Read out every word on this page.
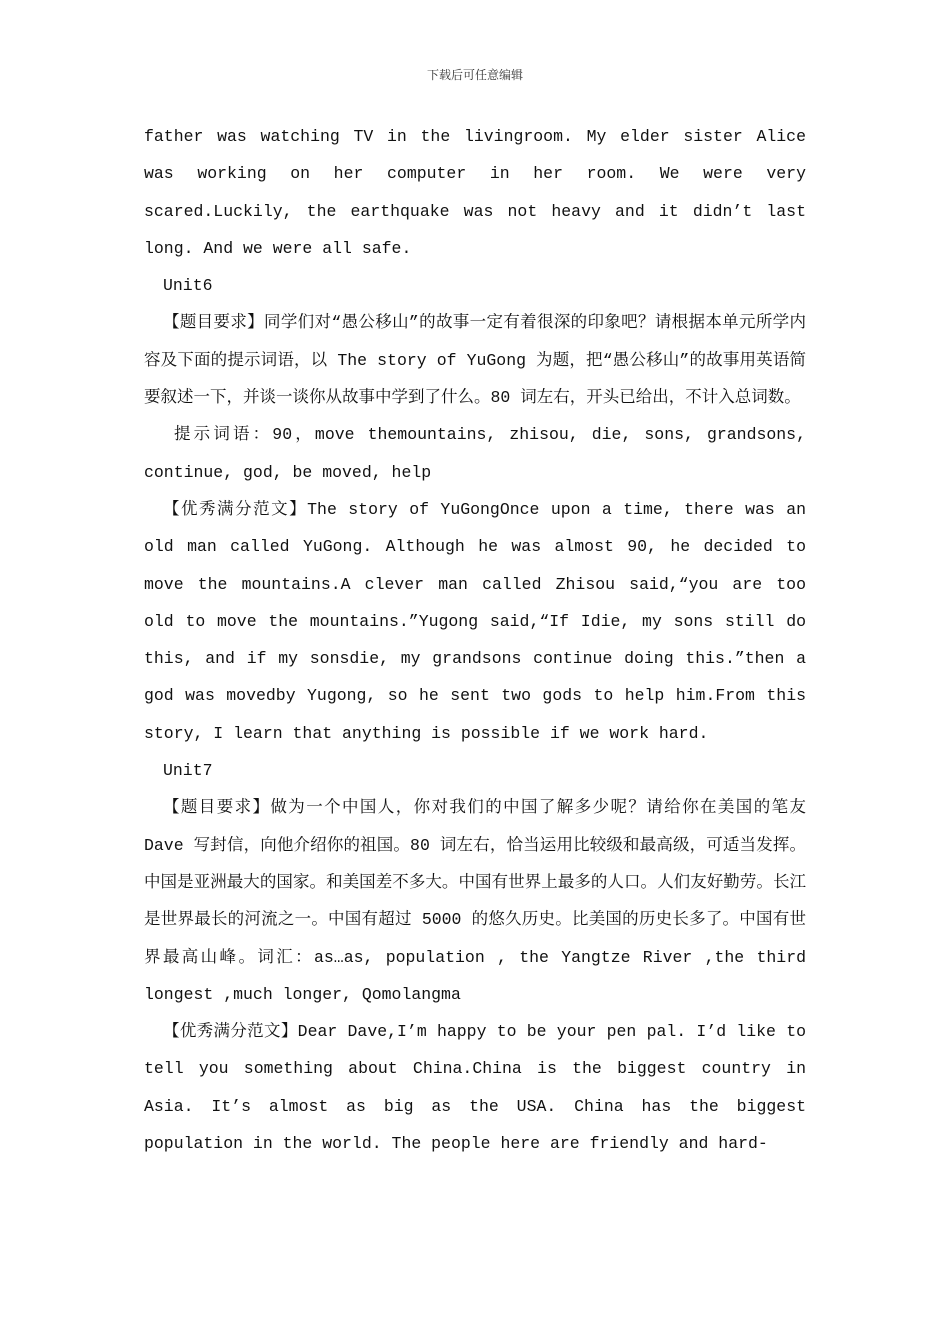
下载后可任意编辑

father was watching TV in the livingroom. My elder sister Alice was working on her computer in her room. We were very scared.Luckily, the earthquake was not heavy and it didn’t last long. And we were all safe.

Unit6

【题目要求】同学们对“愚公移山”的故事一定有着很深的印象吧？请根据本单元所学内容及下面的提示词语，以 The story of YuGong 为题，把“愚公移山”的故事用英语简要叙述一下，并谈一谈你从故事中学到了什么。80 词左右，开头已给出，不计入总词数。

提示词语：90，move themountains, zhisou, die, sons, grandsons, continue, god, be moved, help

【优秀满分范文】The story of YuGongOnce upon a time, there was an old man called YuGong. Although he was almost 90, he decided to move the mountains.A clever man called Zhisou said,“you are too old to move the mountains.”Yugong said,“If Idie, my sons still do this, and if my sonsdie, my grandsons continue doing this.”then a god was movedby Yugong, so he sent two gods to help him.From this story, I learn that anything is possible if we work hard.

Unit7

【题目要求】做为一个中国人，你对我们的中国了解多少呢？请给你在美国的笔友 Dave 写封信，向他介绍你的祖国。80 词左右，恰当运用比较级和最高级，可适当发挥。中国是亚洲最大的国家。和美国差不多大。中国有世界上最多的人口。人们友好勤劳。长江是世界最长的河流之一。中国有超过 5000 的悠久历史。比美国的历史长多了。中国有世界最高山峰。词汇：as…as, population , the Yangtze River ,the third longest ,much longer, Qomolangma

【优秀满分范文】Dear Dave,I’m happy to be your pen pal. I’d like to tell you something about China.China is the biggest country in Asia. It’s almost as big as the USA. China has the biggest population in the world. The people here are friendly and hard-
